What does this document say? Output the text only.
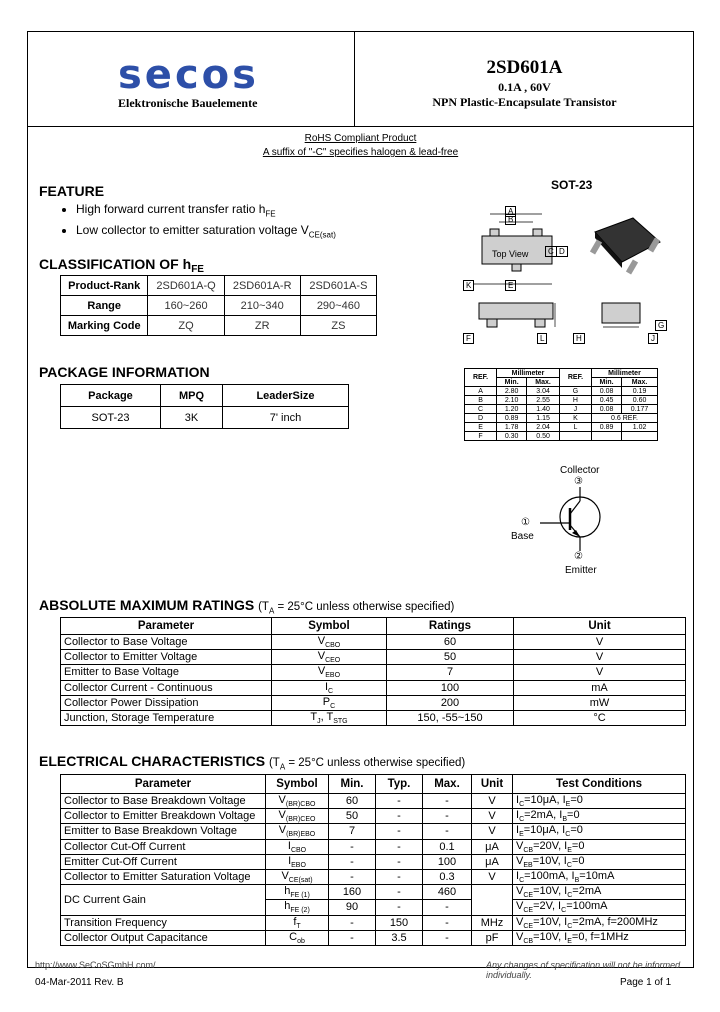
secos
Elektronische Bauelemente
2SD601A
0.1A , 60V
NPN Plastic-Encapsulate Transistor
RoHS Compliant Product
A suffix of "-C" specifies halogen & lead-free
FEATURE
• High forward current transfer ratio $h_{FE}$
• Low collector to emitter saturation voltage $V_{CE(sat)}$
SOT-23
CLASSIFICATION OF $h_{FE}$
Product-Rank	2SD601A-Q	2SD601A-R	2SD601A-S
Range	160~260	210~340	290~460
Marking Code	ZQ	ZR	ZS
PACKAGE INFORMATION
Package	MPQ	LeaderSize
SOT-23	3K	7' inch
Top View
A
B
C D
E
F
G
H	J
K
L
REF.	Millimeter		REF.	Millimeter	
	Min.	Max.		Min.	Max.
A	2.80	3.04	G	0.08	0.19
B	2.10	2.55	H	0.45	0.60
C	1.20	1.40	J	0.08	0.177
D	0.89	1.15	K	0.6 REF.	
E	1.78	2.04	L	0.89	1.02
F	0.30	0.50			
Collector
③
①
Base
②
Emitter
ABSOLUTE MAXIMUM RATINGS ($T_A = 25^\circ C$ unless otherwise specified)
Parameter	Symbol	Ratings	Unit
Collector to Base Voltage	$V_{CBO}$	60	V
Collector to Emitter Voltage	$V_{CEO}$	50	V
Emitter to Base Voltage	$V_{EBO}$	7	V
Collector Current - Continuous	$I_C$	100	mA
Collector Power Dissipation	$P_C$	200	mW
Junction, Storage Temperature	$T_J$, $T_{STG}$	150, -55~150	°C
ELECTRICAL CHARACTERISTICS ($T_A = 25^\circ C$ unless otherwise specified)
Parameter	Symbol	Min.	Typ.	Max.	Unit	Test Conditions
Collector to Base Breakdown Voltage	$V_{(BR)CBO}$	60	-	-	V	$I_C=10\mu A$, $I_E=0$
Collector to Emitter Breakdown Voltage	$V_{(BR)CEO}$	50	-	-	V	$I_C=2mA$, $I_B=0$
Emitter to Base Breakdown Voltage	$V_{(BR)EBO}$	7	-	-	V	$I_E=10\mu A$, $I_C=0$
Collector Cut-Off Current	$I_{CBO}$	-	-	0.1	μA	$V_{CB}=20V$, $I_E=0$
Emitter Cut-Off Current	$I_{EBO}$	-	-	100	μA	$V_{EB}=10V$, $I_C=0$
Collector to Emitter Saturation Voltage	$V_{CE(sat)}$	-	-	0.3	V	$I_C=100mA$, $I_B=10mA$
DC Current Gain	$h_{FE (1)}$	160	-	460		$V_{CE}=10V$, $I_C=2mA$
	$h_{FE (2)}$	90	-	-		$V_{CE}=2V$, $I_C=100mA$
Transition Frequency	$f_T$	-	150	-	MHz	$V_{CE}=10V$, $I_C=2mA$, f=200MHz
Collector Output Capacitance	$C_{ob}$	-	3.5	-	pF	$V_{CB}=10V$, $I_E=0$, f=1MHz
http://www.SeCoSGmbH.com/	Any changes of specification will not be informed individually.
04-Mar-2011 Rev. B	Page 1 of 1
